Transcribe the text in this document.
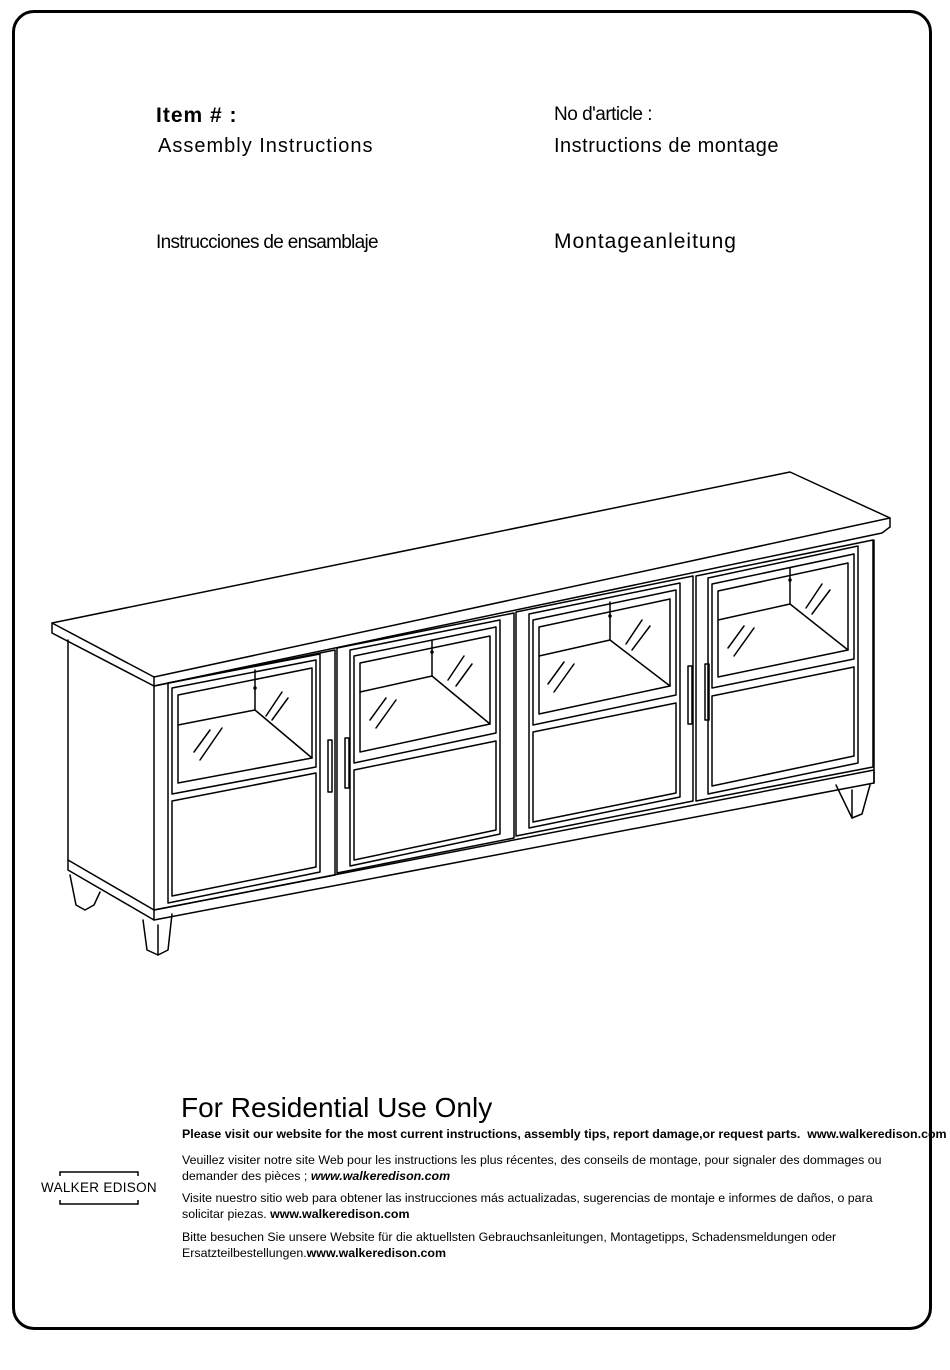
Item # :
Assembly Instructions
No d'article :
Instructions de montage
Instrucciones de ensamblaje	Montageanleitung
For Residential Use Only
Please visit our website for the most current instructions, assembly tips, report damage,or request parts. www.walkeredison.com
Veuillez visiter notre site Web pour les instructions les plus récentes, des conseils de montage, pour signaler des dommages ou demander des pièces ; www.walkeredison.com
Visite nuestro sitio web para obtener las instrucciones más actualizadas, sugerencias de montaje e informes de daños, o para solicitar piezas. www.walkeredison.com
Bitte besuchen Sie unsere Website für die aktuellsten Gebrauchsanleitungen, Montagetipps, Schadensmeldungen oder Ersatzteilbestellungen.www.walkeredison.com
WALKER EDISON
